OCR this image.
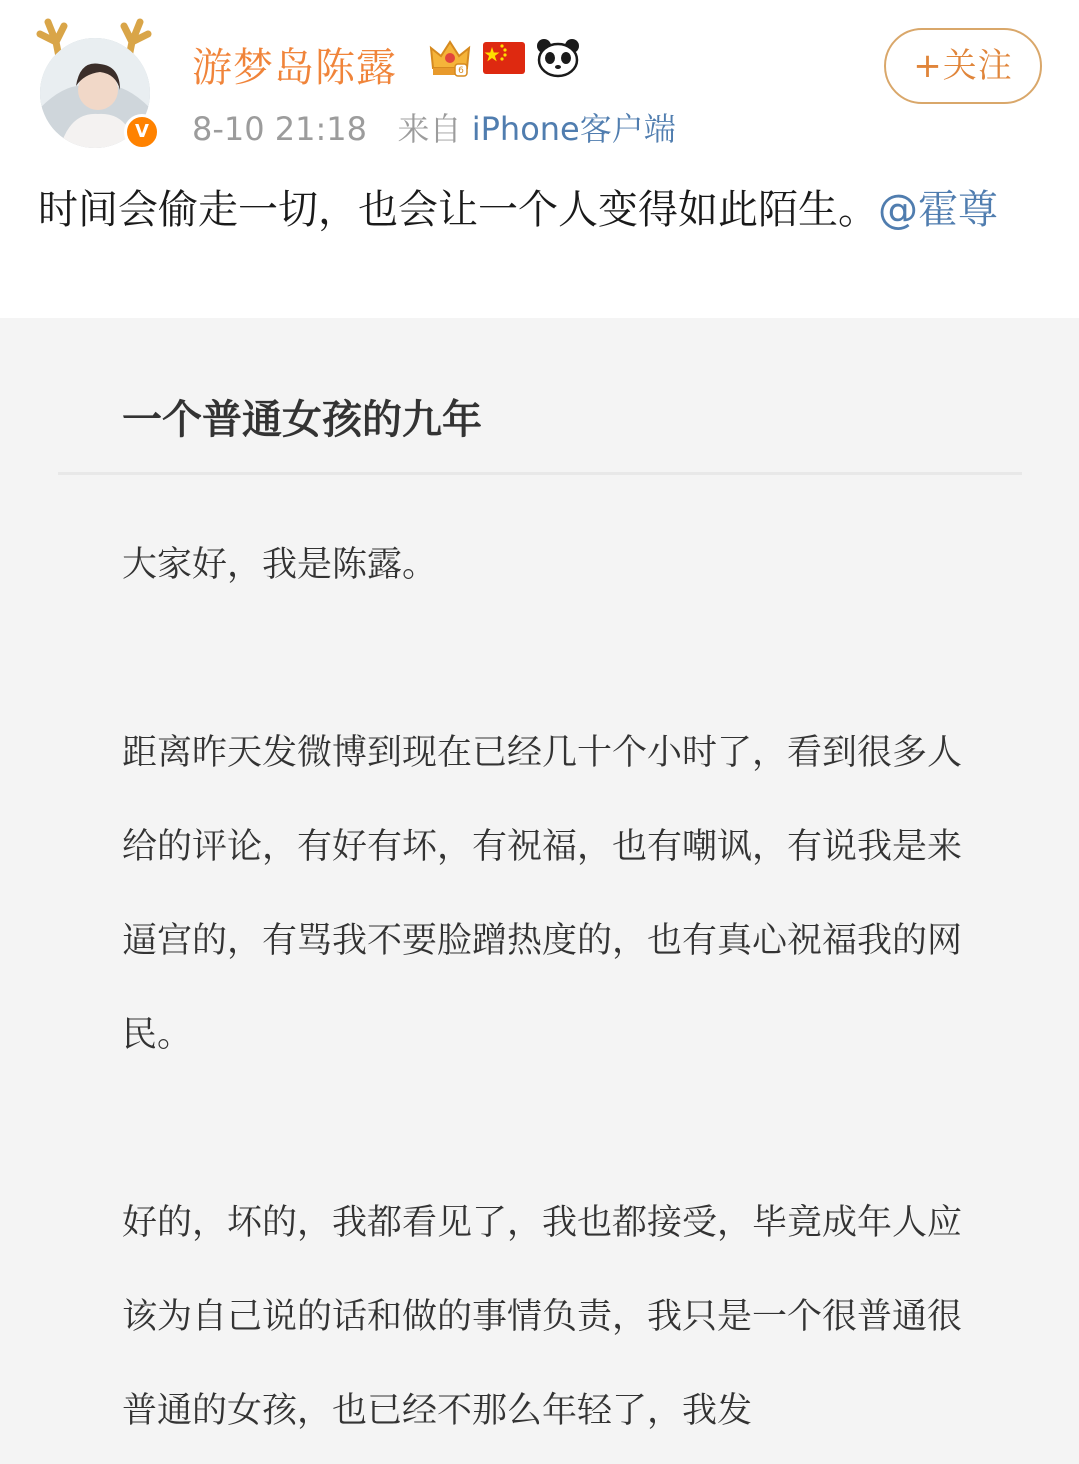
V
游梦岛陈露	6
8-10 21:18 来自 iPhone客户端
+关注
时间会偷走一切，也会让一个人变得如此陌生。@霍尊
一个普通女孩的九年

大家好，我是陈露。

距离昨天发微博到现在已经几十个小时了，看到很多人给的评论，有好有坏，有祝福，也有嘲讽，有说我是来逼宫的，有骂我不要脸蹭热度的，也有真心祝福我的网民。

好的，坏的，我都看见了，我也都接受，毕竟成年人应该为自己说的话和做的事情负责，我只是一个很普通很普通的女孩，也已经不那么年轻了，我发
